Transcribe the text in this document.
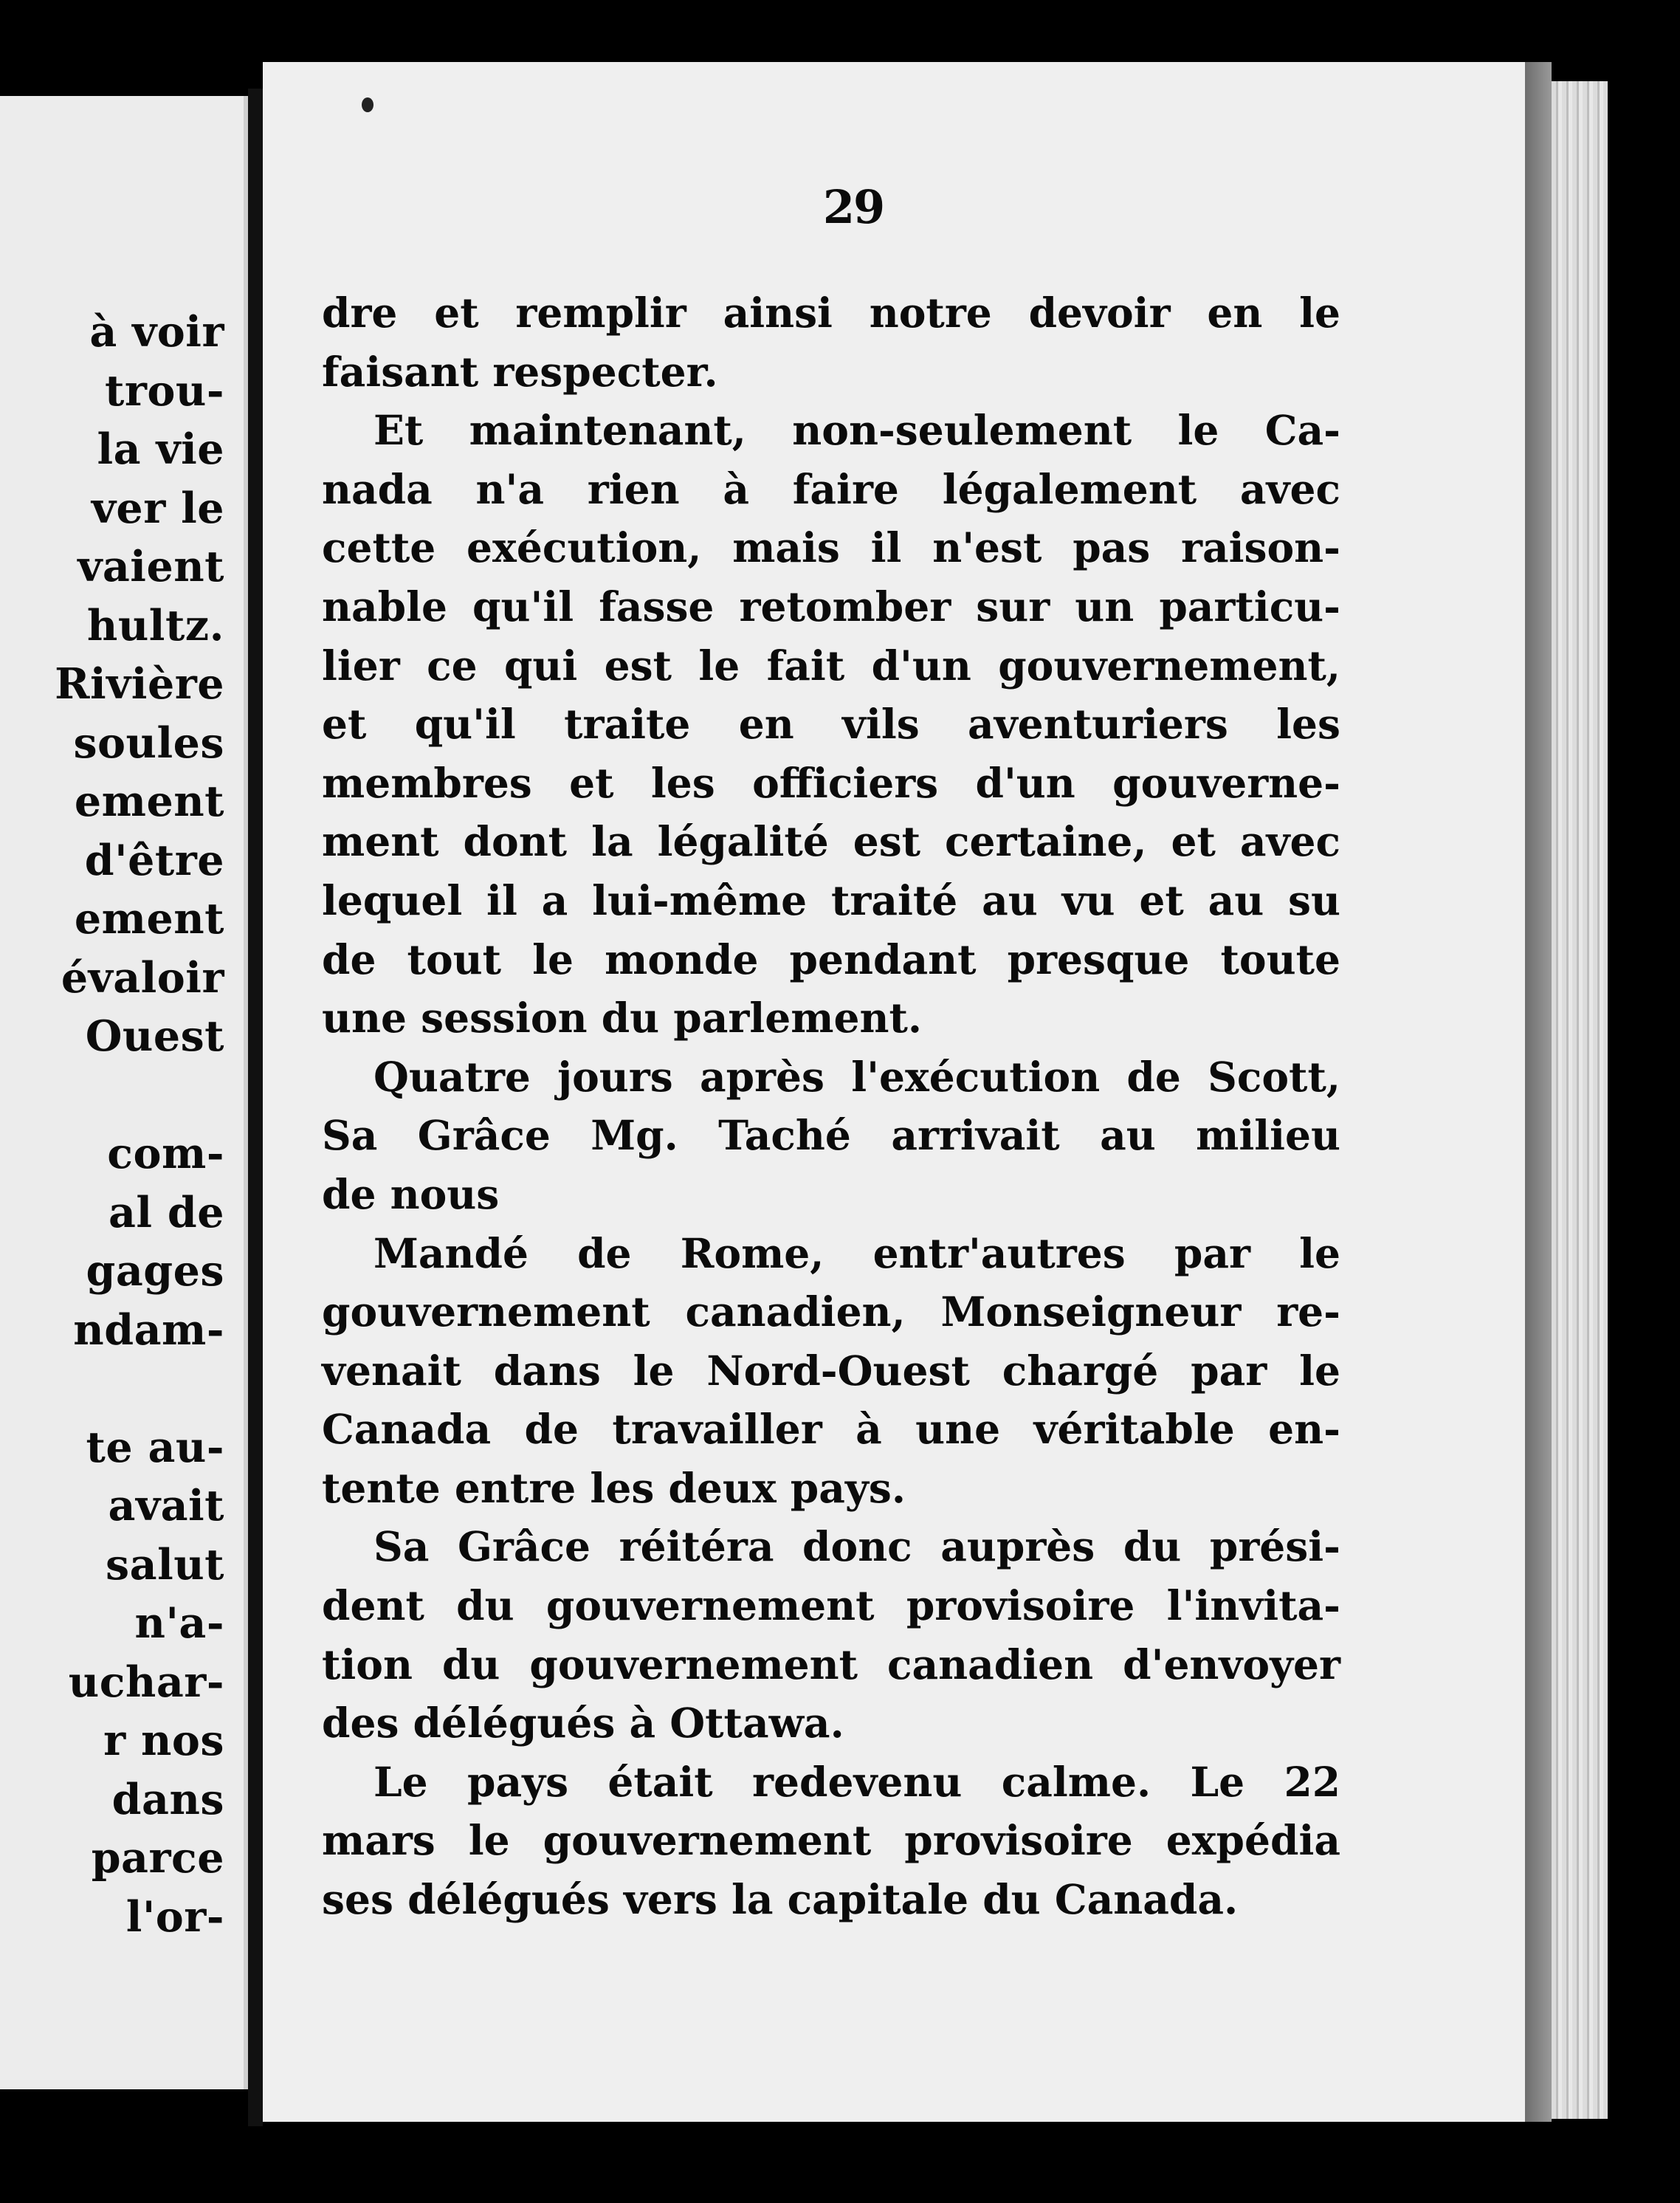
à voir
trou-
la vie
ver le
vaient
hultz.
Rivière
soules
ement
d'être
ement
évaloir
Ouest
com-
al de
gages
ndam-
te au-
avait
salut
n'a-
uchar-
r nos
dans
parce
l'or-
29
dre et remplir ainsi notre devoir en le
faisant respecter.
Et maintenant, non-seulement le Ca-
nada n'a rien à faire légalement avec
cette exécution, mais il n'est pas raison-
nable qu'il fasse retomber sur un particu-
lier ce qui est le fait d'un gouvernement,
et qu'il traite en vils aventuriers les
membres et les officiers d'un gouverne-
ment dont la légalité est certaine, et avec
lequel il a lui-même traité au vu et au su
de tout le monde pendant presque toute
une session du parlement.
Quatre jours après l'exécution de Scott,
Sa Grâce Mg. Taché arrivait au milieu
de nous
Mandé de Rome, entr'autres par le
gouvernement canadien, Monseigneur re-
venait dans le Nord-Ouest chargé par le
Canada de travailler à une véritable en-
tente entre les deux pays.
Sa Grâce réitéra donc auprès du prési-
dent du gouvernement provisoire l'invita-
tion du gouvernement canadien d'envoyer
des délégués à Ottawa.
Le pays était redevenu calme. Le 22
mars le gouvernement provisoire expédia
ses délégués vers la capitale du Canada.
